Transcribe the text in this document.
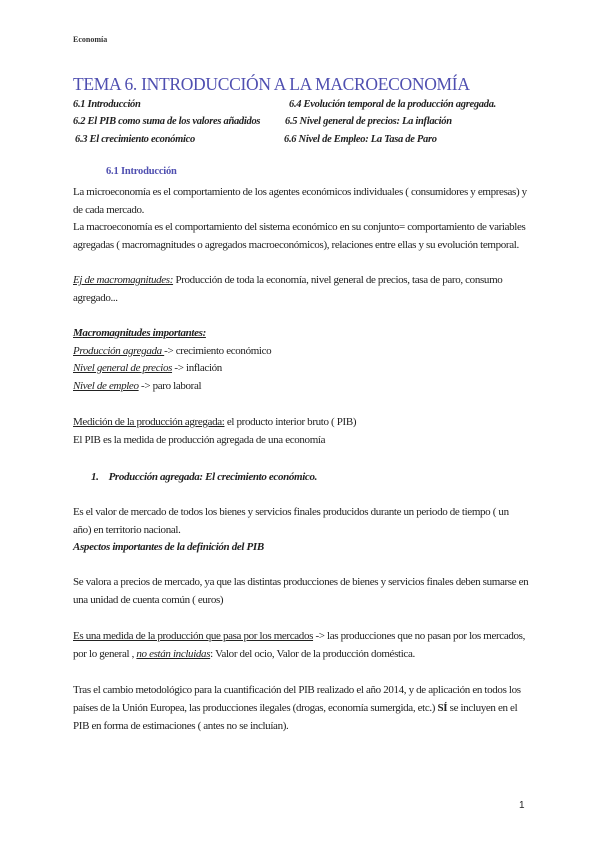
Economía
TEMA 6. INTRODUCCIÓN A LA MACROECONOMÍA
6.1 Introducción
6.2 El PIB como suma de los valores añadidos
6.3 El crecimiento económico
6.4 Evolución temporal de la producción agregada.
6.5 Nivel general de precios: La inflación
6.6 Nivel de Empleo: La Tasa de Paro
6.1 Introducción
La microeconomía es el comportamiento de los agentes económicos individuales ( consumidores y empresas) y
de cada mercado.
La macroeconomía es el comportamiento del sistema económico en su conjunto= comportamiento de variables
agregadas ( macromagnitudes o agregados macroeconómicos), relaciones entre ellas y su evolución temporal.
Ej de macromagnitudes: Producción de toda la economía, nivel general de precios, tasa de paro, consumo
agregado...
Macromagnitudes importantes:
Producción agregada -> crecimiento económico
Nivel general de precios -> inflación
Nivel de empleo -> paro laboral
Medición de la producción agregada: el producto interior bruto ( PIB)
El PIB es la medida de producción agregada de una economía
1. Producción agregada: El crecimiento económico.
Es el valor de mercado de todos los bienes y servicios finales producidos durante un periodo de tiempo ( un
año) en territorio nacional.
Aspectos importantes de la definición del PIB
Se valora a precios de mercado, ya que las distintas producciones de bienes y servicios finales deben sumarse en
una unidad de cuenta común ( euros)
Es una medida de la producción que pasa por los mercados -> las producciones que no pasan por los mercados,
por lo general , no están incluidas: Valor del ocio, Valor de la producción doméstica.
Tras el cambio metodológico para la cuantificación del PIB realizado el año 2014, y de aplicación en todos los
países de la Unión Europea, las producciones ilegales (drogas, economía sumergida, etc.) SÍ se incluyen en el
PIB en forma de estimaciones ( antes no se incluían).
1
